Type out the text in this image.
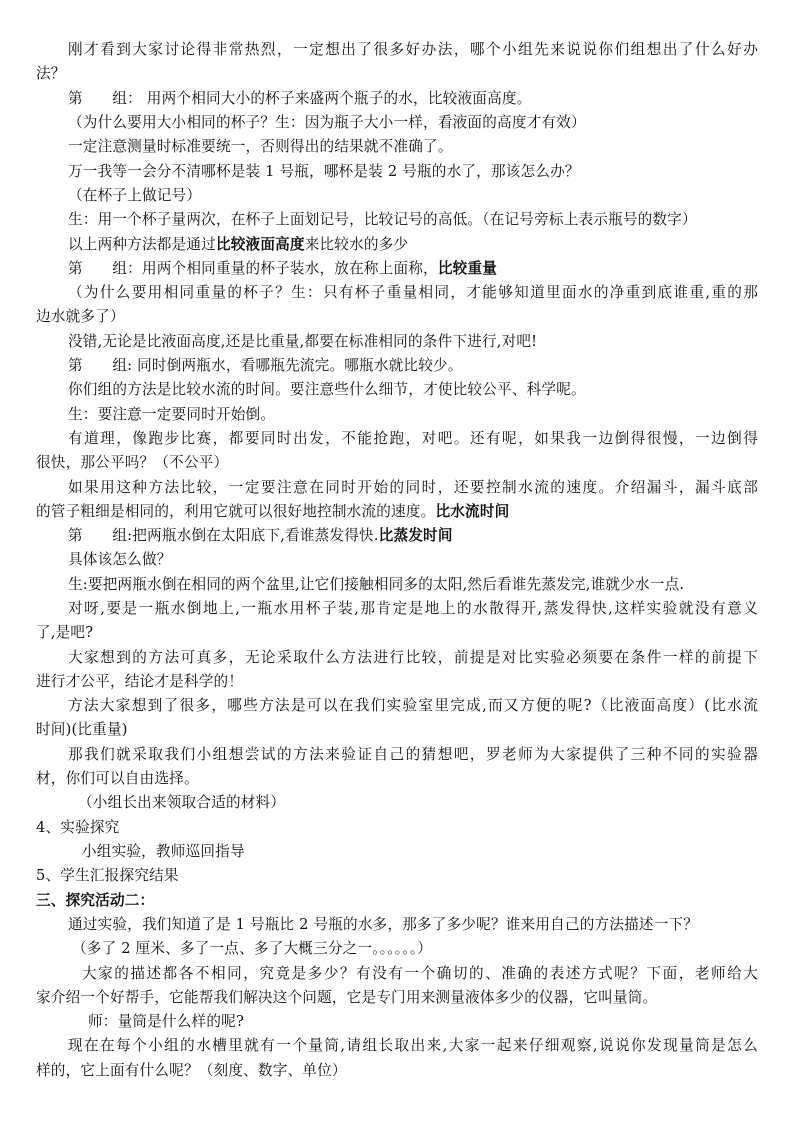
刚才看到大家讨论得非常热烈，一定想出了很多好办法，哪个小组先来说说你们组想出了什么好办
法？
第　　组： 用两个相同大小的杯子来盛两个瓶子的水，比较液面高度。
（为什么要用大小相同的杯子？生：因为瓶子大小一样，看液面的高度才有效）
一定注意测量时标准要统一，否则得出的结果就不准确了。
万一我等一会分不清哪杯是装 1 号瓶，哪杯是装 2 号瓶的水了，那该怎么办？
（在杯子上做记号）
生：用一个杯子量两次，在杯子上面划记号，比较记号的高低。（在记号旁标上表示瓶号的数字）
以上两种方法都是通过比较液面高度来比较水的多少
第　　组：用两个相同重量的杯子装水，放在称上面称，比较重量
（为什么要用相同重量的杯子？生：只有杯子重量相同，才能够知道里面水的净重到底谁重,重的那
边水就多了）
没错,无论是比液面高度,还是比重量,都要在标准相同的条件下进行,对吧!
第　　组: 同时倒两瓶水，看哪瓶先流完。哪瓶水就比较少。
你们组的方法是比较水流的时间。要注意些什么细节，才使比较公平、科学呢。
生：要注意一定要同时开始倒。
有道理，像跑步比赛，都要同时出发，不能抢跑，对吧。还有呢，如果我一边倒得很慢，一边倒得
很快，那公平吗？（不公平）
如果用这种方法比较，一定要注意在同时开始的同时，还要控制水流的速度。介绍漏斗，漏斗底部
的管子粗细是相同的，利用它就可以很好地控制水流的速度。比水流时间
第　　组:把两瓶水倒在太阳底下,看谁蒸发得快.比蒸发时间
具体该怎么做？
生:要把两瓶水倒在相同的两个盆里,让它们接触相同多的太阳,然后看谁先蒸发完,谁就少水一点.
对呀,要是一瓶水倒地上,一瓶水用杯子装,那肯定是地上的水散得开,蒸发得快,这样实验就没有意义
了,是吧?
大家想到的方法可真多，无论采取什么方法进行比较，前提是对比实验必须要在条件一样的前提下
进行才公平，结论才是科学的！
方法大家想到了很多，哪些方法是可以在我们实验室里完成,而又方便的呢?（比液面高度）(比水流
时间)(比重量)
那我们就采取我们小组想尝试的方法来验证自己的猜想吧，罗老师为大家提供了三种不同的实验器
材，你们可以自由选择。
（小组长出来领取合适的材料）
4、实验探究
小组实验，教师巡回指导
5、学生汇报探究结果
三、探究活动二：
通过实验，我们知道了是 1 号瓶比 2 号瓶的水多，那多了多少呢？谁来用自己的方法描述一下？
（多了 2 厘米、多了一点、多了大概三分之一。。。。。。）
大家的描述都各不相同，究竟是多少？有没有一个确切的、准确的表述方式呢？下面，老师给大
家介绍一个好帮手，它能帮我们解决这个问题，它是专门用来测量液体多少的仪器，它叫量筒。
师：量筒是什么样的呢?
现在在每个小组的水槽里就有一个量筒,请组长取出来,大家一起来仔细观察,说说你发现量筒是怎么
样的，它上面有什么呢？（刻度、数字、单位）
